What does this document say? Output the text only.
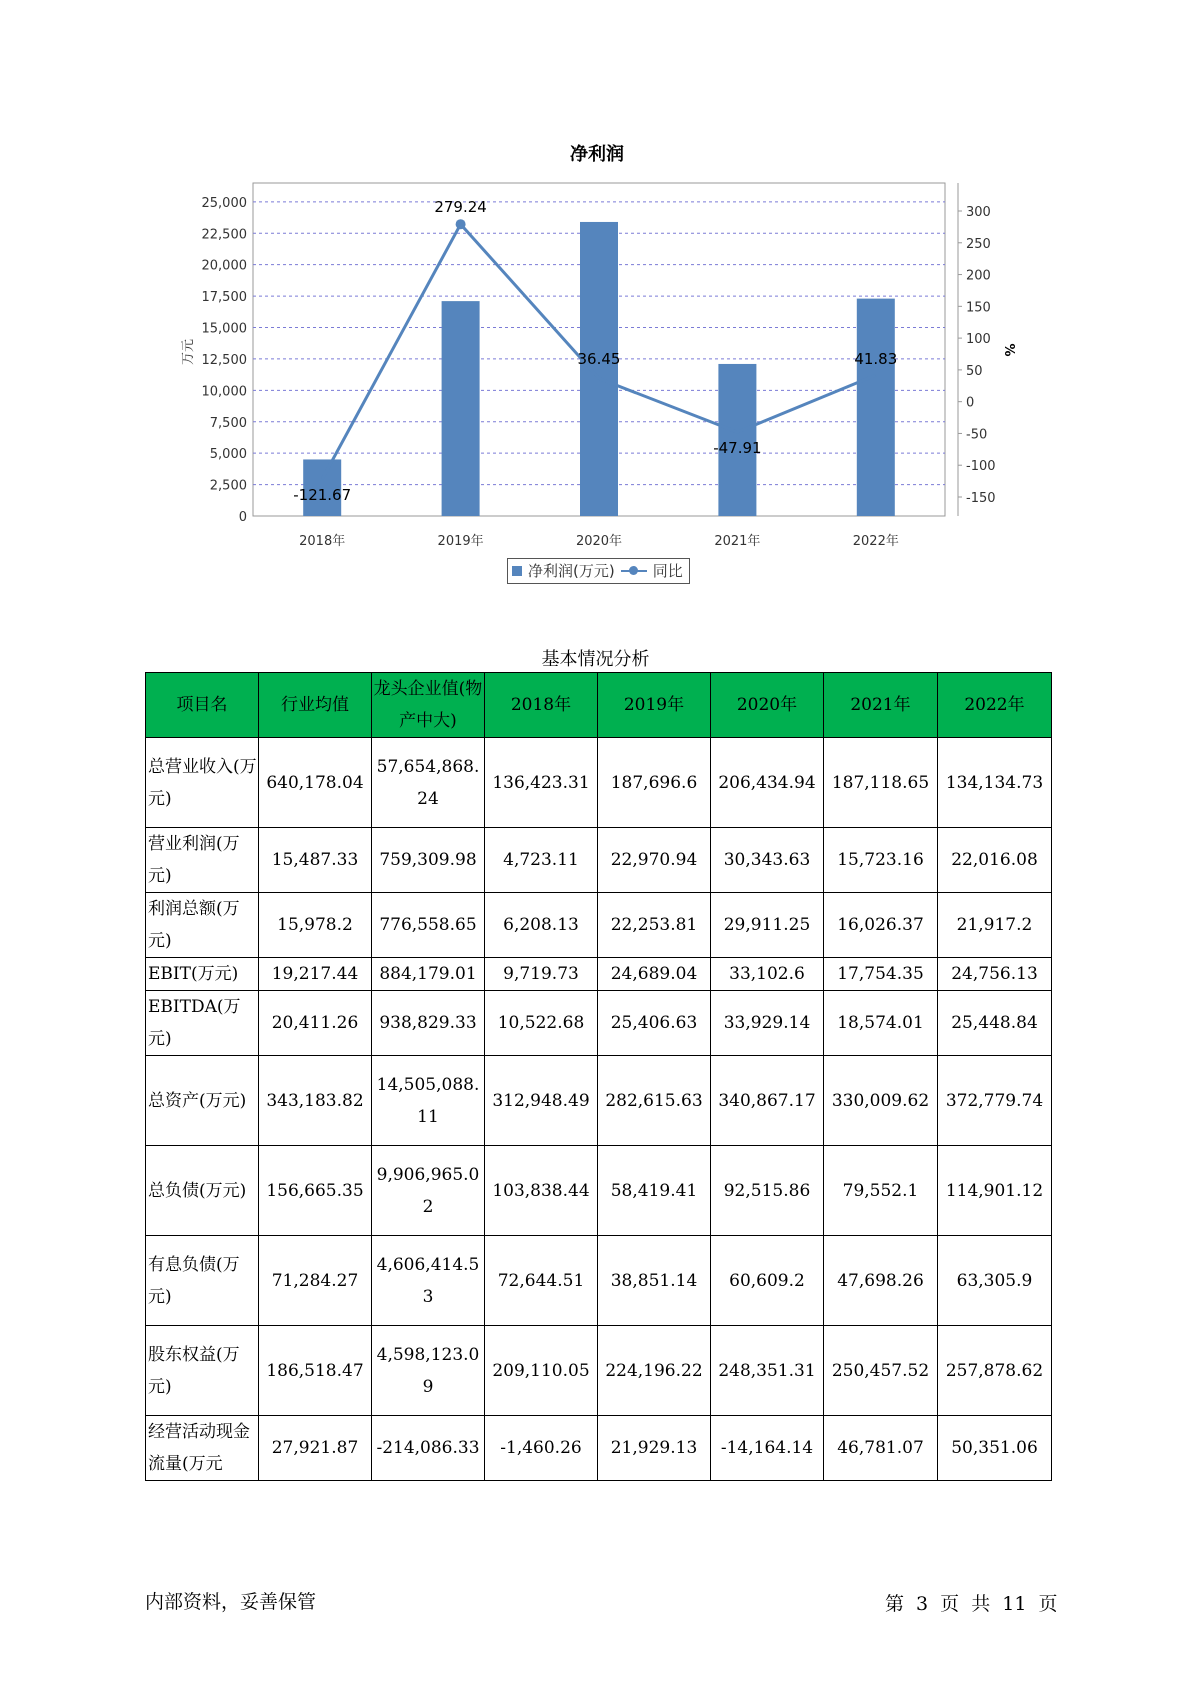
净利润
0
2,500
5,000
7,500
10,000
12,500
15,000
17,500
20,000
22,500
25,000
-150
-100
-50
0
50
100
150
200
250
300
-121.67
279.24
36.45
-47.91
41.83
2018年	2019年	2020年	2021年	2022年
万元	%
净利润(万元)	同比
基本情况分析
项目名	行业均值	龙头企业值(物产中大)	2018年	2019年	2020年	2021年	2022年
总营业收入(万元)	640,178.04	57,654,868.24	136,423.31	187,696.6	206,434.94	187,118.65	134,134.73
营业利润(万元)	15,487.33	759,309.98	4,723.11	22,970.94	30,343.63	15,723.16	22,016.08
利润总额(万元)	15,978.2	776,558.65	6,208.13	22,253.81	29,911.25	16,026.37	21,917.2
EBIT(万元)	19,217.44	884,179.01	9,719.73	24,689.04	33,102.6	17,754.35	24,756.13
EBITDA(万元)	20,411.26	938,829.33	10,522.68	25,406.63	33,929.14	18,574.01	25,448.84
总资产(万元)	343,183.82	14,505,088.11	312,948.49	282,615.63	340,867.17	330,009.62	372,779.74
总负债(万元)	156,665.35	9,906,965.02	103,838.44	58,419.41	92,515.86	79,552.1	114,901.12
有息负债(万元)	71,284.27	4,606,414.53	72,644.51	38,851.14	60,609.2	47,698.26	63,305.9
股东权益(万元)	186,518.47	4,598,123.09	209,110.05	224,196.22	248,351.31	250,457.52	257,878.62
经营活动现金流量(万元	27,921.87	-214,086.33	-1,460.26	21,929.13	-14,164.14	46,781.07	50,351.06
内部资料，妥善保管	第 3 页 共 11 页
